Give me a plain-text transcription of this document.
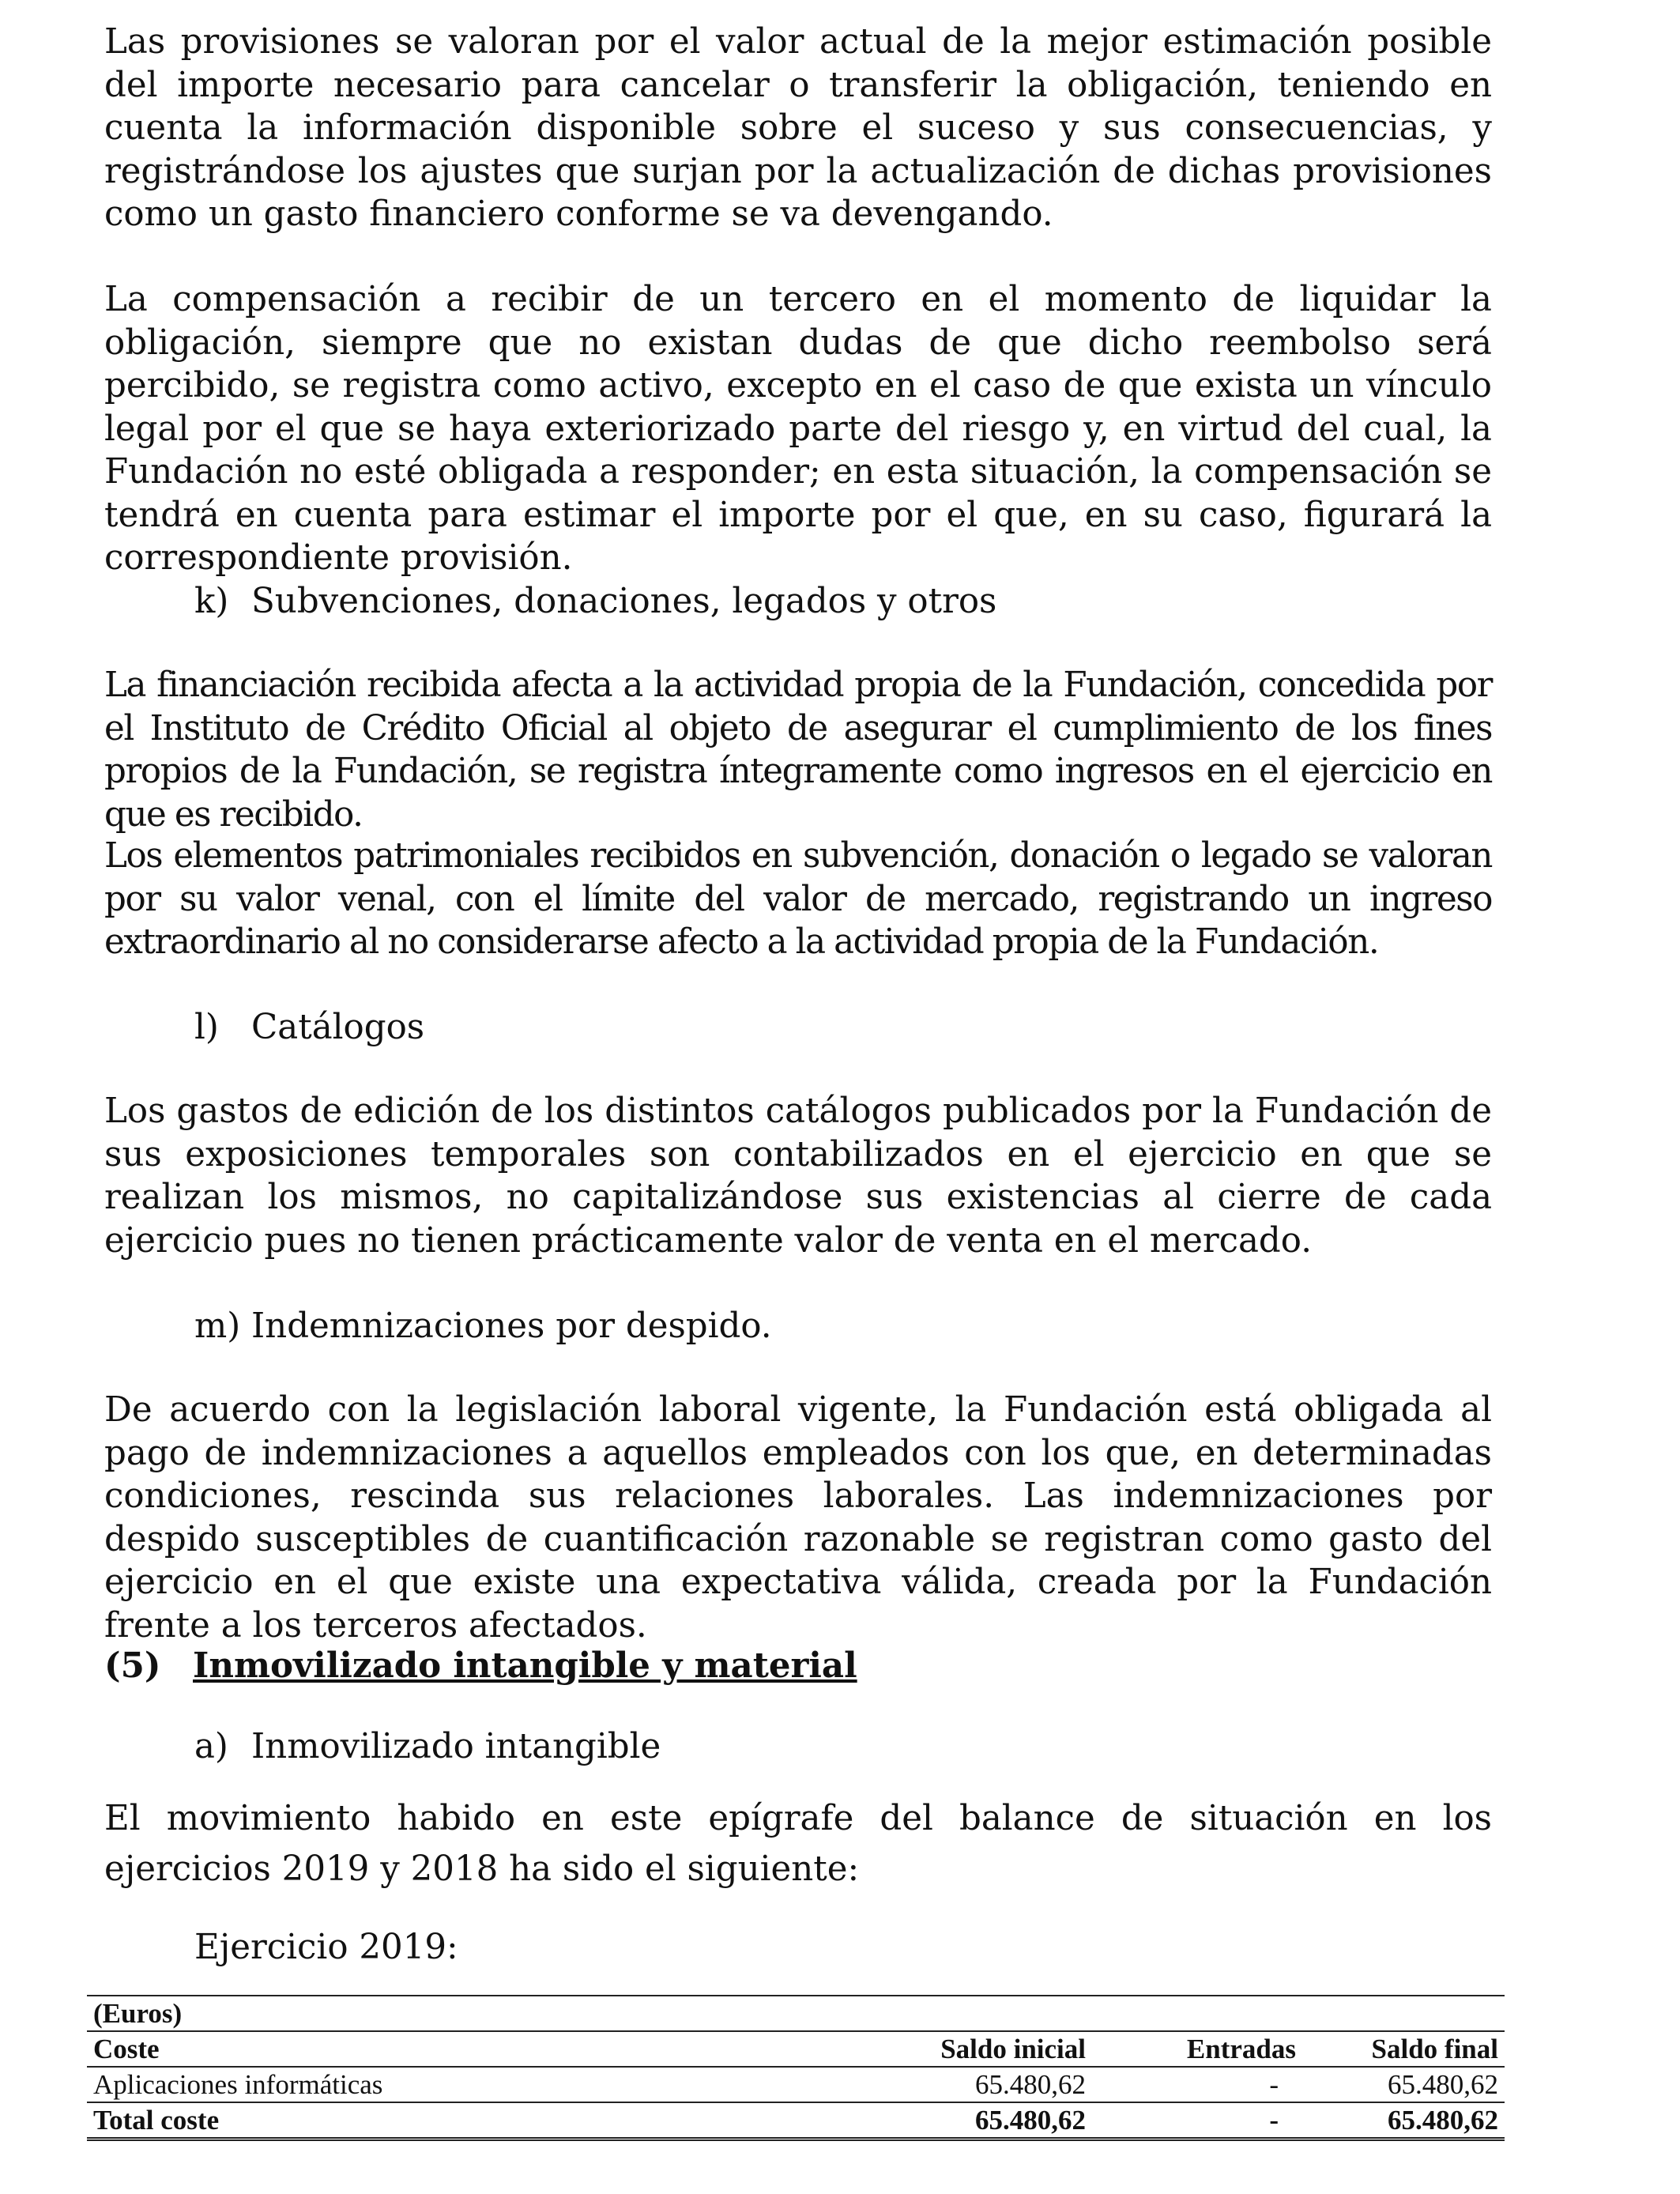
Las provisiones se valoran por el valor actual de la mejor estimación posible del importe necesario para cancelar o transferir la obligación, teniendo en cuenta la información disponible sobre el suceso y sus consecuencias, y registrándose los ajustes que surjan por la actualización de dichas provisiones como un gasto financiero conforme se va devengando.

La compensación a recibir de un tercero en el momento de liquidar la obligación, siempre que no existan dudas de que dicho reembolso será percibido, se registra como activo, excepto en el caso de que exista un vínculo legal por el que se haya exteriorizado parte del riesgo y, en virtud del cual, la Fundación no esté obligada a responder; en esta situación, la compensación se tendrá en cuenta para estimar el importe por el que, en su caso, figurará la correspondiente provisión.

k) Subvenciones, donaciones, legados y otros

La financiación recibida afecta a la actividad propia de la Fundación, concedida por el Instituto de Crédito Oficial al objeto de asegurar el cumplimiento de los fines propios de la Fundación, se registra íntegramente como ingresos en el ejercicio en que es recibido.

Los elementos patrimoniales recibidos en subvención, donación o legado se valoran por su valor venal, con el límite del valor de mercado, registrando un ingreso extraordinario al no considerarse afecto a la actividad propia de la Fundación.

l) Catálogos

Los gastos de edición de los distintos catálogos publicados por la Fundación de sus exposiciones temporales son contabilizados en el ejercicio en que se realizan los mismos, no capitalizándose sus existencias al cierre de cada ejercicio pues no tienen prácticamente valor de venta en el mercado.

m) Indemnizaciones por despido.

De acuerdo con la legislación laboral vigente, la Fundación está obligada al pago de indemnizaciones a aquellos empleados con los que, en determinadas condiciones, rescinda sus relaciones laborales. Las indemnizaciones por despido susceptibles de cuantificación razonable se registran como gasto del ejercicio en el que existe una expectativa válida, creada por la Fundación frente a los terceros afectados.

(5) Inmovilizado intangible y material
a) Inmovilizado intangible

El movimiento habido en este epígrafe del balance de situación en los ejercicios 2019 y 2018 ha sido el siguiente:

Ejercicio 2019:

(Euros)			
Coste	Saldo inicial	Entradas	Saldo final
Aplicaciones informáticas	65.480,62	-	65.480,62
Total coste	65.480,62	-	65.480,62
